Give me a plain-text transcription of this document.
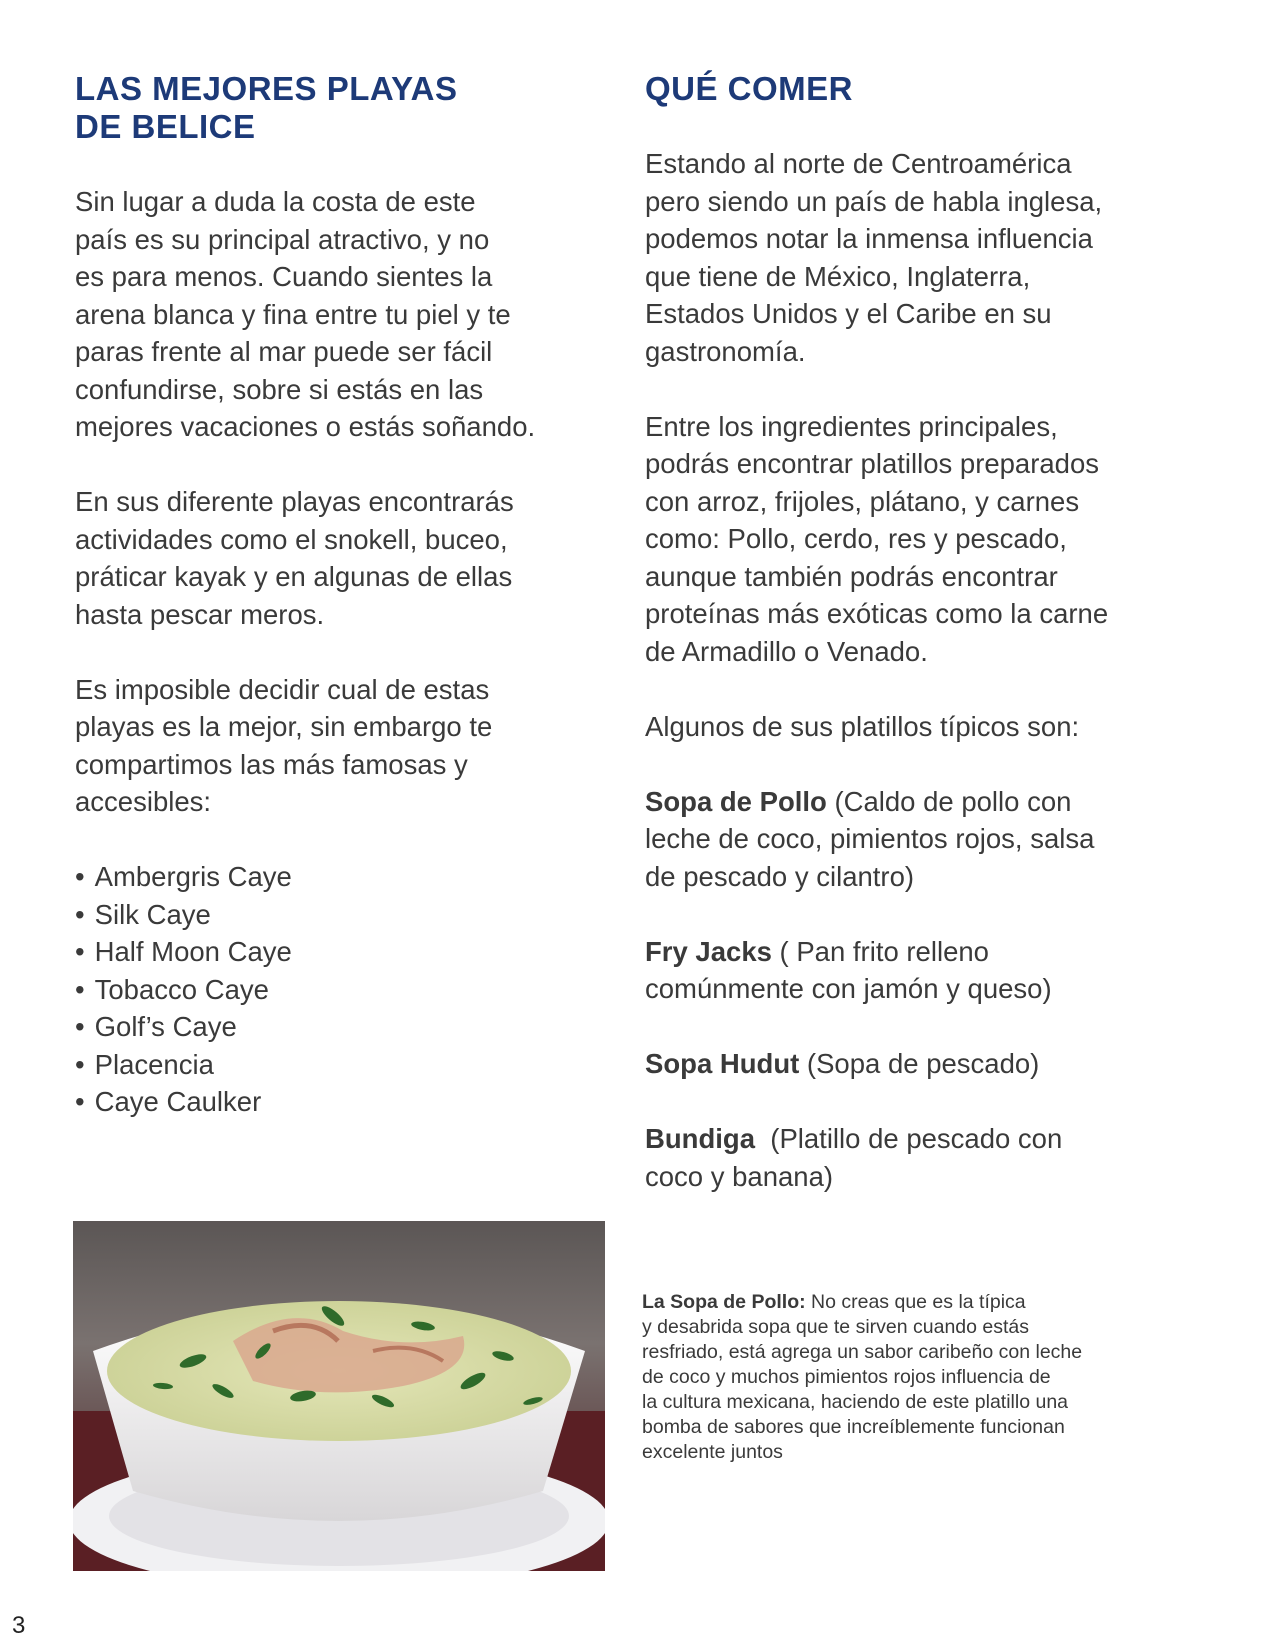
LAS MEJORES PLAYAS
DE BELICE

Sin lugar a duda la costa de este
país es su principal atractivo, y no
es para menos. Cuando sientes la
arena blanca y fina entre tu piel y te
paras frente al mar puede ser fácil
confundirse, sobre si estás en las
mejores vacaciones o estás soñando.

En sus diferente playas encontrarás
actividades como el snokell, buceo,
práticar kayak y en algunas de ellas
hasta pescar meros.

Es imposible decidir cual de estas
playas es la mejor, sin embargo te
compartimos las más famosas y
accesibles:

• Ambergris Caye
• Silk Caye
• Half Moon Caye
• Tobacco Caye
• Golf’s Caye
• Placencia
• Caye Caulker
QUÉ COMER

Estando al norte de Centroamérica
pero siendo un país de habla inglesa,
podemos notar la inmensa influencia
que tiene de México, Inglaterra,
Estados Unidos y el Caribe en su
gastronomía.

Entre los ingredientes principales,
podrás encontrar platillos preparados
con arroz, frijoles, plátano, y carnes
como: Pollo, cerdo, res y pescado,
aunque también podrás encontrar
proteínas más exóticas como la carne
de Armadillo o Venado.

Algunos de sus platillos típicos son:

Sopa de Pollo (Caldo de pollo con
leche de coco, pimientos rojos, salsa
de pescado y cilantro)

Fry Jacks ( Pan frito relleno
comúnmente con jamón y queso)

Sopa Hudut (Sopa de pescado)

Bundiga  (Platillo de pescado con
coco y banana)

La Sopa de Pollo: No creas que es la típica
y desabrida sopa que te sirven cuando estás
resfriado, está agrega un sabor caribeño con leche
de coco y muchos pimientos rojos influencia de
la cultura mexicana, haciendo de este platillo una
bomba de sabores que increíblemente funcionan
excelente juntos
3
